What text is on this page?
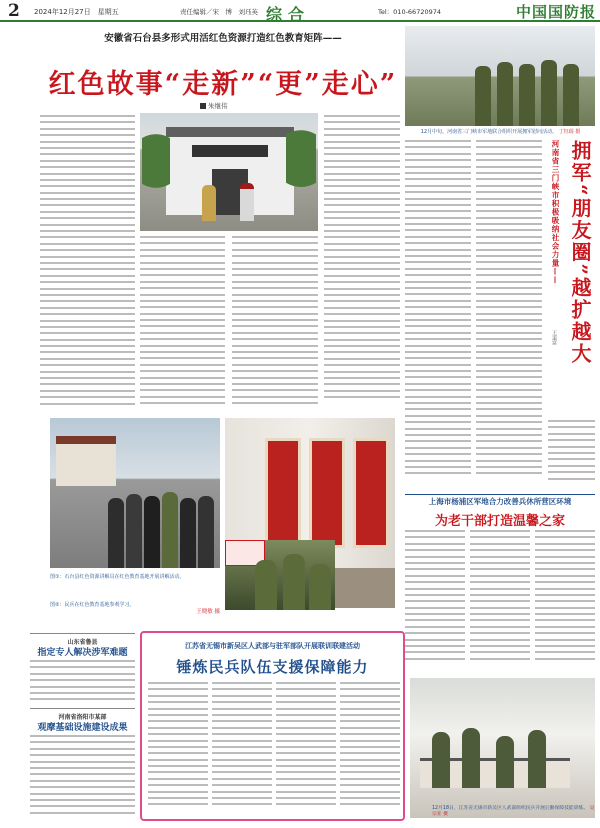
2 2024年12月27日　星期五	责任编辑／宋　博　刘珏英 综合	Tel：010-66720974	中国国防报
安徽省石台县多形式用活红色资源打造红色教育矩阵——
红色故事“走新”“更”走心”
朱继伟
图①：石台县红色资源讲解员在红色教育基地开展讲解活动。
图②：民兵在红色教育基地参观学习。

王晓敏 摄
12月中旬，河南省三门峡市军地联合组织开展拥军慰问活动。 丁钰琨 摄
河南省三门峡市积极吸纳社会力量—— 拥军“朋友圈”越扩越大
王道富
上海市杨浦区军地合力改善兵休所营区环境
为老干部打造温馨之家
山东省鲁县
指定专人解决涉军难题
河南省洛阳市某部
观摩基础设施建设成果
江苏省无锡市新吴区人武部与驻军部队开展联训联建活动
锤炼民兵队伍支援保障能力
12月18日，江苏省无锡市新吴区人武部组织民兵开展后勤保障技能训练。 吴宗亚 摄
